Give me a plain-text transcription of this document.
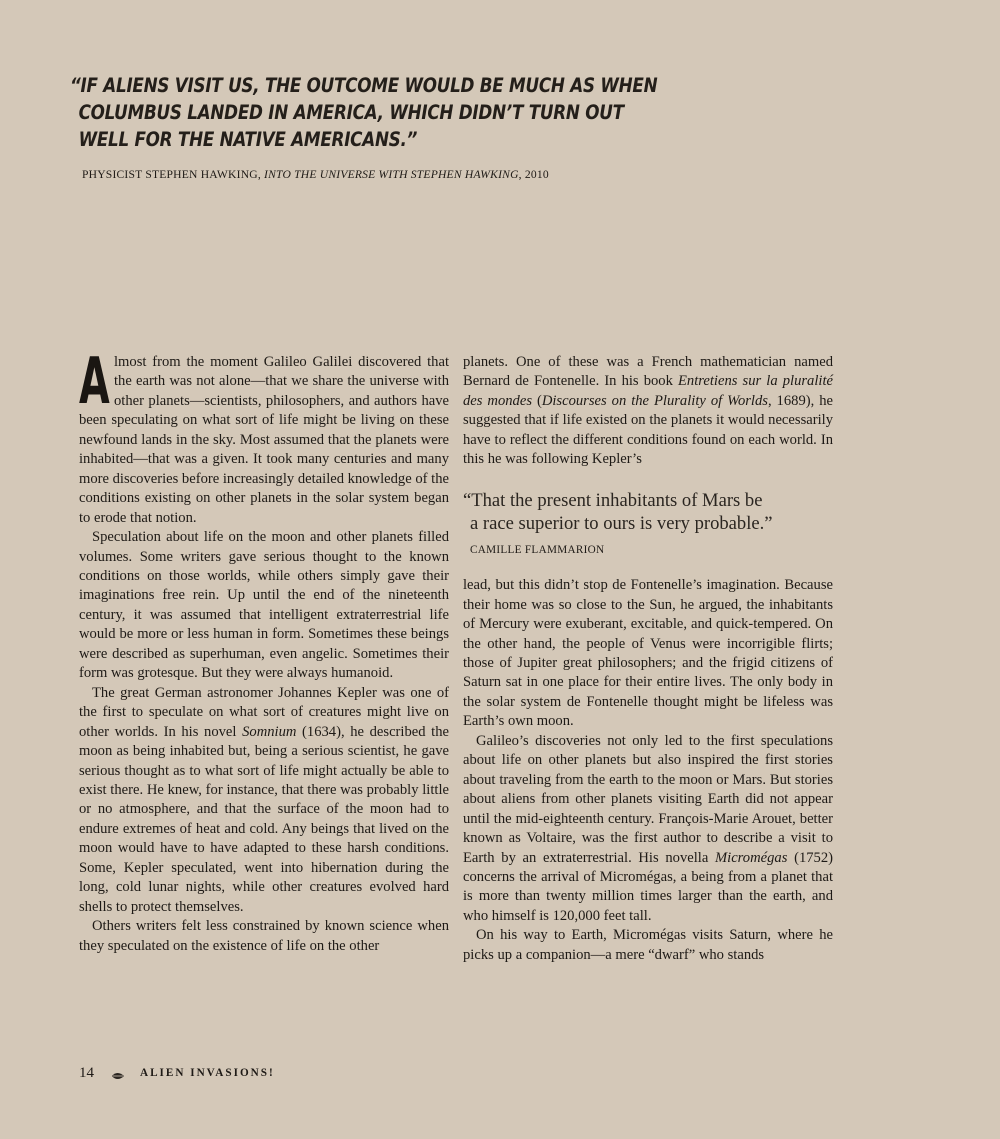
“IF ALIENS VISIT US, THE OUTCOME WOULD BE MUCH AS WHEN
COLUMBUS LANDED IN AMERICA, WHICH DIDN’T TURN OUT
WELL FOR THE NATIVE AMERICANS.”

PHYSICIST STEPHEN HAWKING, INTO THE UNIVERSE WITH STEPHEN HAWKING, 2010

Almost from the moment Galileo Galilei discovered that the earth was not alone—that we share the universe with other planets—scientists, philosophers, and authors have been speculating on what sort of life might be living on these newfound lands in the sky. Most assumed that the planets were inhabited—that was a given. It took many centuries and many more discoveries before increasingly detailed knowledge of the conditions existing on other planets in the solar system began to erode that notion.

Speculation about life on the moon and other planets filled volumes. Some writers gave serious thought to the known conditions on those worlds, while others simply gave their imaginations free rein. Up until the end of the nineteenth century, it was assumed that intelligent extraterrestrial life would be more or less human in form. Sometimes these beings were described as superhuman, even angelic. Sometimes their form was grotesque. But they were always humanoid.

The great German astronomer Johannes Kepler was one of the first to speculate on what sort of creatures might live on other worlds. In his novel Somnium (1634), he described the moon as being inhabited but, being a serious scientist, he gave serious thought as to what sort of life might actually be able to exist there. He knew, for instance, that there was probably little or no atmosphere, and that the surface of the moon had to endure extremes of heat and cold. Any beings that lived on the moon would have to have adapted to these harsh conditions. Some, Kepler speculated, went into hibernation during the long, cold lunar nights, while other creatures evolved hard shells to protect themselves.

Others writers felt less constrained by known science when they speculated on the existence of life on the other

planets. One of these was a French mathematician named Bernard de Fontenelle. In his book Entretiens sur la pluralité des mondes (Discourses on the Plurality of Worlds, 1689), he suggested that if life existed on the planets it would necessarily have to reflect the different conditions found on each world. In this he was following Kepler’s

“That the present inhabitants of Mars be
a race superior to ours is very probable.”

CAMILLE FLAMMARION

lead, but this didn’t stop de Fontenelle’s imagination. Because their home was so close to the Sun, he argued, the inhabitants of Mercury were exuberant, excitable, and quick-tempered. On the other hand, the people of Venus were incorrigible flirts; those of Jupiter great philosophers; and the frigid citizens of Saturn sat in one place for their entire lives. The only body in the solar system de Fontenelle thought might be lifeless was Earth’s own moon.

Galileo’s discoveries not only led to the first speculations about life on other planets but also inspired the first stories about traveling from the earth to the moon or Mars. But stories about aliens from other planets visiting Earth did not appear until the mid-eighteenth century. François-Marie Arouet, better known as Voltaire, was the first author to describe a visit to Earth by an extraterrestrial. His novella Micromégas (1752) concerns the arrival of Micromégas, a being from a planet that is more than twenty million times larger than the earth, and who himself is 120,000 feet tall.

On his way to Earth, Micromégas visits Saturn, where he picks up a companion—a mere “dwarf” who stands

14	ALIEN INVASIONS!
